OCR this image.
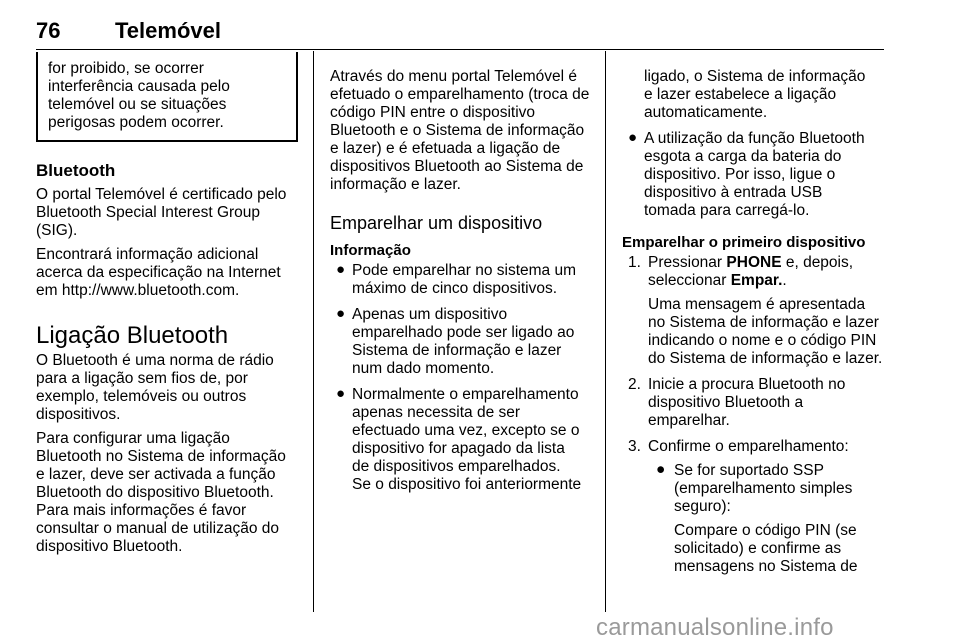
76 Telemóvel

for proibido, se ocorrer
interferência causada pelo
telemóvel ou se situações
perigosas podem ocorrer.

Bluetooth

O portal Telemóvel é certificado pelo
Bluetooth Special Interest Group
(SIG).

Encontrará informação adicional
acerca da especificação na Internet
em http://www.bluetooth.com.

Ligação Bluetooth

O Bluetooth é uma norma de rádio
para a ligação sem fios de, por
exemplo, telemóveis ou outros
dispositivos.

Para configurar uma ligação
Bluetooth no Sistema de informação
e lazer, deve ser activada a função
Bluetooth do dispositivo Bluetooth.
Para mais informações é favor
consultar o manual de utilização do
dispositivo Bluetooth.

Através do menu portal Telemóvel é
efetuado o emparelhamento (troca de
código PIN entre o dispositivo
Bluetooth e o Sistema de informação
e lazer) e é efetuada a ligação de
dispositivos Bluetooth ao Sistema de
informação e lazer.

Emparelhar um dispositivo
Informação
● Pode emparelhar no sistema um
máximo de cinco dispositivos.
● Apenas um dispositivo
emparelhado pode ser ligado ao
Sistema de informação e lazer
num dado momento.
● Normalmente o emparelhamento
apenas necessita de ser
efectuado uma vez, excepto se o
dispositivo for apagado da lista
de dispositivos emparelhados.
Se o dispositivo foi anteriormente
ligado, o Sistema de informação
e lazer estabelece a ligação
automaticamente.
● A utilização da função Bluetooth
esgota a carga da bateria do
dispositivo. Por isso, ligue o
dispositivo à entrada USB
tomada para carregá-lo.
Emparelhar o primeiro dispositivo
1. Pressionar PHONE e, depois,
seleccionar Empar..

Uma mensagem é apresentada
no Sistema de informação e lazer
indicando o nome e o código PIN
do Sistema de informação e lazer.

2. Inicie a procura Bluetooth no
dispositivo Bluetooth a
emparelhar.
3. Confirme o emparelhamento:
● Se for suportado SSP
(emparelhamento simples
seguro):

Compare o código PIN (se
solicitado) e confirme as
mensagens no Sistema de

carmanualsonline.info
